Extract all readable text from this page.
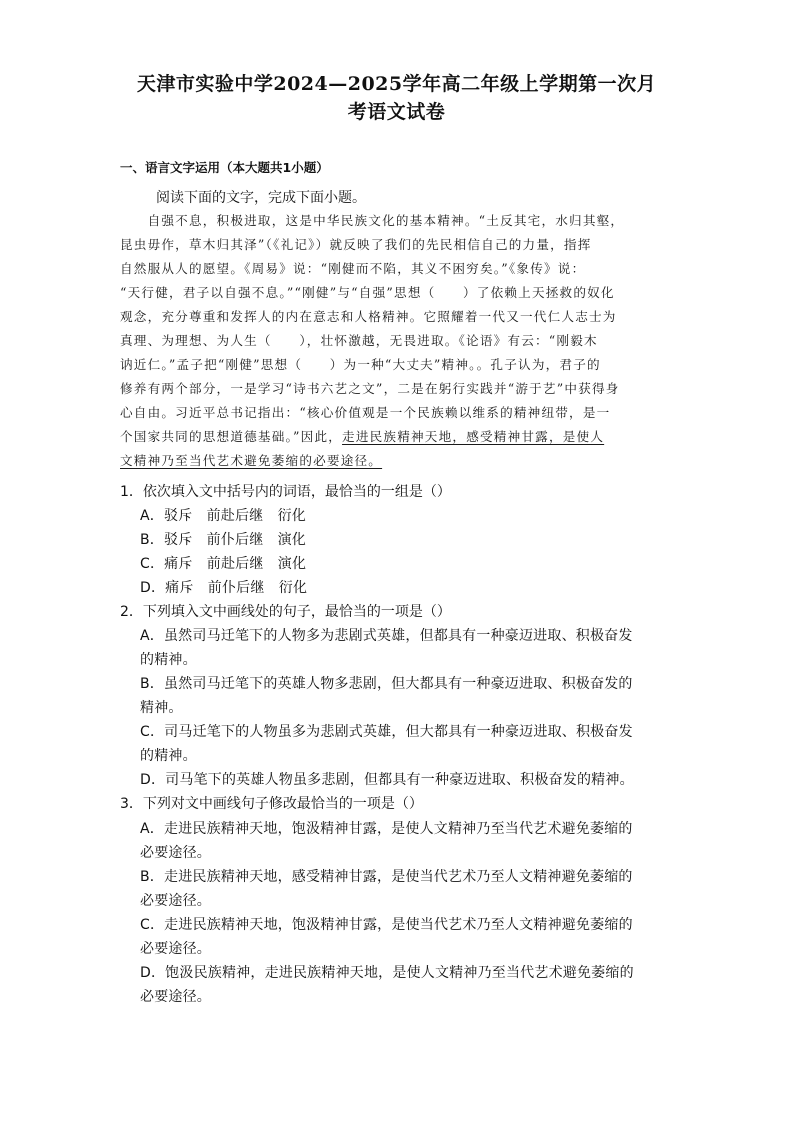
天津市实验中学2024—2025学年高二年级上学期第一次月
考语文试卷
一、语言文字运用（本大题共1小题）
阅读下面的文字，完成下面小题。
　　自强不息，积极进取，这是中华民族文化的基本精神。“土反其宅，水归其壑，
昆虫毋作，草木归其泽”（《礼记》）就反映了我们的先民相信自己的力量，指挥
自然服从人的愿望。《周易》说：“刚健而不陷，其义不困穷矣。”《象传》说：
“天行健，君子以自强不息。”“刚健”与“自强”思想（　　）了依赖上天拯救的奴化
观念，充分尊重和发挥人的内在意志和人格精神。它照耀着一代又一代仁人志士为
真理、为理想、为人生（　　），壮怀激越，无畏进取。《论语》有云：“刚毅木
讷近仁。”孟子把“刚健”思想（　　）为一种“大丈夫”精神。。孔子认为，君子的
修养有两个部分，一是学习“诗书六艺之文”，二是在躬行实践并“游于艺”中获得身
心自由。习近平总书记指出：“核心价值观是一个民族赖以维系的精神纽带，是一
个国家共同的思想道德基础。”因此，走进民族精神天地，感受精神甘露，是使人
文精神乃至当代艺术避免萎缩的必要途径。
1．依次填入文中括号内的词语，最恰当的一组是（）
A．驳斥　前赴后继　衍化
B．驳斥　前仆后继　演化
C．痛斥　前赴后继　演化
D．痛斥　前仆后继　衍化
2．下列填入文中画线处的句子，最恰当的一项是（）
A．虽然司马迁笔下的人物多为悲剧式英雄，但都具有一种豪迈进取、积极奋发
的精神。
B．虽然司马迁笔下的英雄人物多悲剧，但大都具有一种豪迈进取、积极奋发的
精神。
C．司马迁笔下的人物虽多为悲剧式英雄，但大都具有一种豪迈进取、积极奋发
的精神。
D．司马笔下的英雄人物虽多悲剧，但都具有一种豪迈进取、积极奋发的精神。
3．下列对文中画线句子修改最恰当的一项是（）
A．走进民族精神天地，饱汲精神甘露，是使人文精神乃至当代艺术避免萎缩的
必要途径。
B．走进民族精神天地，感受精神甘露，是使当代艺术乃至人文精神避免萎缩的
必要途径。
C．走进民族精神天地，饱汲精神甘露，是使当代艺术乃至人文精神避免萎缩的
必要途径。
D．饱汲民族精神，走进民族精神天地，是使人文精神乃至当代艺术避免萎缩的
必要途径。
